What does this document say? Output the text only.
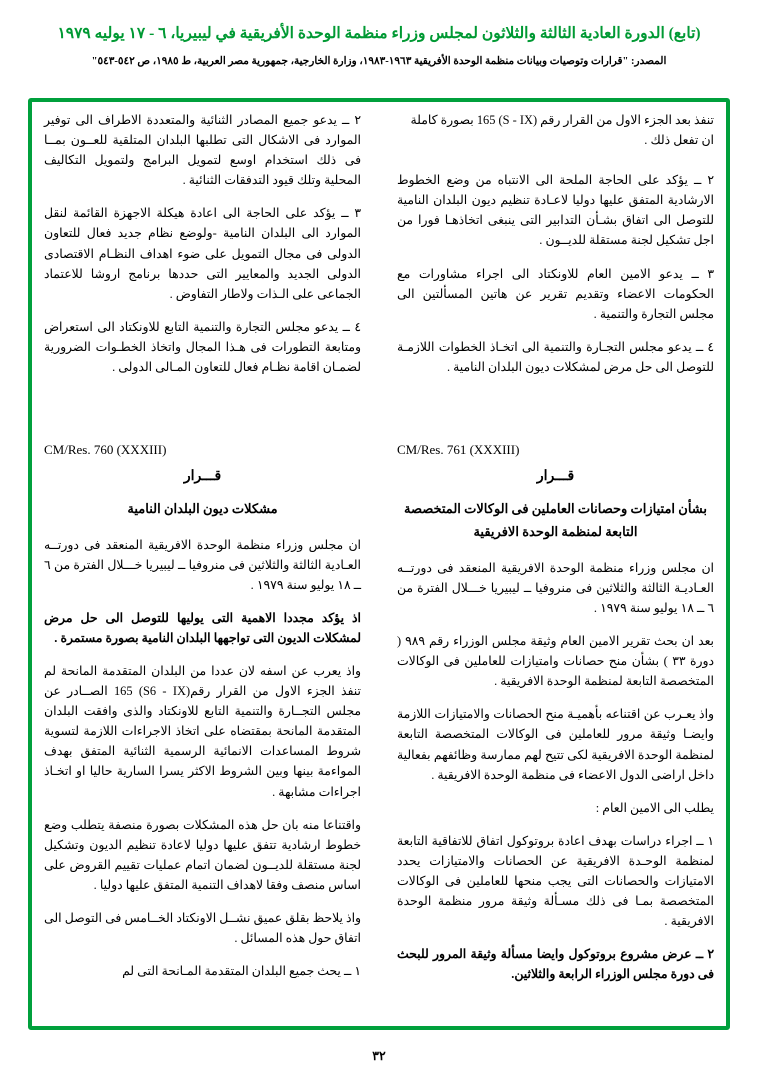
(تابع) الدورة العادية الثالثة والثلاثون لمجلس وزراء منظمة الوحدة الأفريقية في ليبيريا، ٦ - ١٧ يوليه ١٩٧٩
المصدر: "قرارات وتوصيات وبيانات منظمة الوحدة الأفريقية ١٩٦٣-١٩٨٣، وزارة الخارجية، جمهورية مصر العربية، ط ١٩٨٥، ص ٥٤٢-٥٤٣"
تنفذ بعد الجزء الاول من القرار رقم (S - IX) 165 بصورة كاملة ان تفعل ذلك .
٢ ــ يؤكد على الحاجة الملحة الى الانتباه من وضع الخطوط الارشادية المتفق عليها دوليا لاعـادة تنظيم ديون البلدان النامية للتوصل الى اتفاق بشـأن التدابير التى ينبغى اتخاذهـا فورا من اجل تشكيل لجنة مستقلة للديــون .
٣ ــ يدعو الامين العام للاونكتاد الى اجراء مشاورات مع الحكومات الاعضاء وتقديم تقرير عن هاتين المسألتين الى مجلس التجارة والتنمية .
٤ ــ يدعو مجلس التجـارة والتنمية الى اتخـاذ الخطوات اللازمـة للتوصل الى حل مرض لمشكلات ديون البلدان النامية .
CM/Res. 761 (XXXIII)
قـــرار
بشأن امتيازات وحصانات العاملين فى الوكالات المتخصصة التابعة لمنظمة الوحدة الافريقية
ان مجلس وزراء منظمة الوحدة الافريقية المنعقد فى دورتــه العـاديـة الثالثة والثلاثين فى منروفيا ــ ليبيريا خـــلال الفترة من ٦ ــ ١٨ يوليو سنة ١٩٧٩ .
بعد ان بحث تقرير الامين العام وثيقة مجلس الوزراء رقم ٩٨٩ ( دورة ٣٣ ) بشأن منح حصانات وامتيازات للعاملين فى الوكالات المتخصصة التابعة لمنظمة الوحدة الافريقية .
واذ يعـرب عن اقتناعه بأهميـة منح الحصانات والامتيازات اللازمة وايضـا وثيقة مرور للعاملين فى الوكالات المتخصصة التابعة لمنظمة الوحدة الافريقية لكى تتيح لهم ممارسة وظائفهم بفعالية داخل اراضى الدول الاعضاء فى منظمة الوحدة الافريقية .
يطلب الى الامين العام :
١ ــ اجراء دراسات بهدف اعادة بروتوكول اتفاق للاتفاقية التابعة لمنظمة الوحـدة الافريقية عن الحصانات والامتيازات يحدد الامتيازات والحصانات التى يجب منحها للعاملين فى الوكالات المتخصصة بمـا فى ذلك مسـألة وثيقة مرور منظمة الوحدة الافريقية .
٢ ــ عرض مشروع بروتوكول وايضا مسألة وثيقة المرور للبحث فى دورة مجلس الوزراء الرابعة والثلاثين.
٢ ــ يدعو جميع المصادر الثنائية والمتعددة الاطراف الى توفير الموارد فى الاشكال التى تطلبها البلدان المتلقية للعــون بمــا فى ذلك استخدام اوسع لتمويل البرامج ولتمويل التكاليف المحلية وتلك قيود التدفقات الثنائية .
٣ ــ يؤكد على الحاجة الى اعادة هيكلة الاجهزة القائمة لنقل الموارد الى البلدان النامية -ولوضع نظام جديد فعال للتعاون الدولى فى مجال التمويل على ضوء اهداف النظـام الاقتصادى الدولى الجديد والمعايير التى حددها برنامج اروشا للاعتماد الجماعى على الـذات ولاطار التفاوض .
٤ ــ يدعو مجلس التجارة والتنمية التابع للاونكتاد الى استعراض ومتابعة التطورات فى هـذا المجال واتخاذ الخطـوات الضرورية لضمـان اقامة نظـام فعال للتعاون المـالى الدولى .
CM/Res. 760 (XXXIII)
قـــرار
مشكلات ديون البلدان النامية
ان مجلس وزراء منظمة الوحدة الافريقية المنعقد فى دورتــه العـادية الثالثة والثلاثين فى منروفيا ــ ليبيريا خـــلال الفترة من ٦ ــ ١٨ يوليو سنة ١٩٧٩ .
اذ يؤكد مجددا الاهمية التى يوليها للتوصل الى حل مرض لمشكلات الديون التى تواجهها البلدان النامية بصورة مستمرة .
واذ يعرب عن اسفه لان عددا من البلدان المتقدمة المانحة لم تنفذ الجزء الاول من القرار رقم(S6 - IX) 165 الصــادر عن مجلس التجــارة والتنمية التابع للاونكتاد والذى وافقت البلدان المتقدمة المانحة بمقتضاه على اتخاذ الاجراءات اللازمة لتسوية شروط المساعدات الانمائية الرسمية الثنائية المتفق بهدف المواءمة بينها وبين الشروط الاكثر يسرا السارية حاليا او اتخـاذ اجراءات مشابهة .
واقتناعا منه بان حل هذه المشكلات بصورة منصفة يتطلب وضع خطوط ارشادية تتفق عليها دوليا لاعادة تنظيم الديون وتشكيل لجنة مستقلة للديــون لضمان اتمام عمليات تقييم القروض على اساس منصف وفقا لاهداف التنمية المتفق عليها دوليا .
واذ يلاحظ بقلق عميق نشــل الاونكتاد الخــامس فى التوصل الى اتفاق حول هذه المسائل .
١ ــ يحث جميع البلدان المتقدمة المـانحة التى لم
٣٢
